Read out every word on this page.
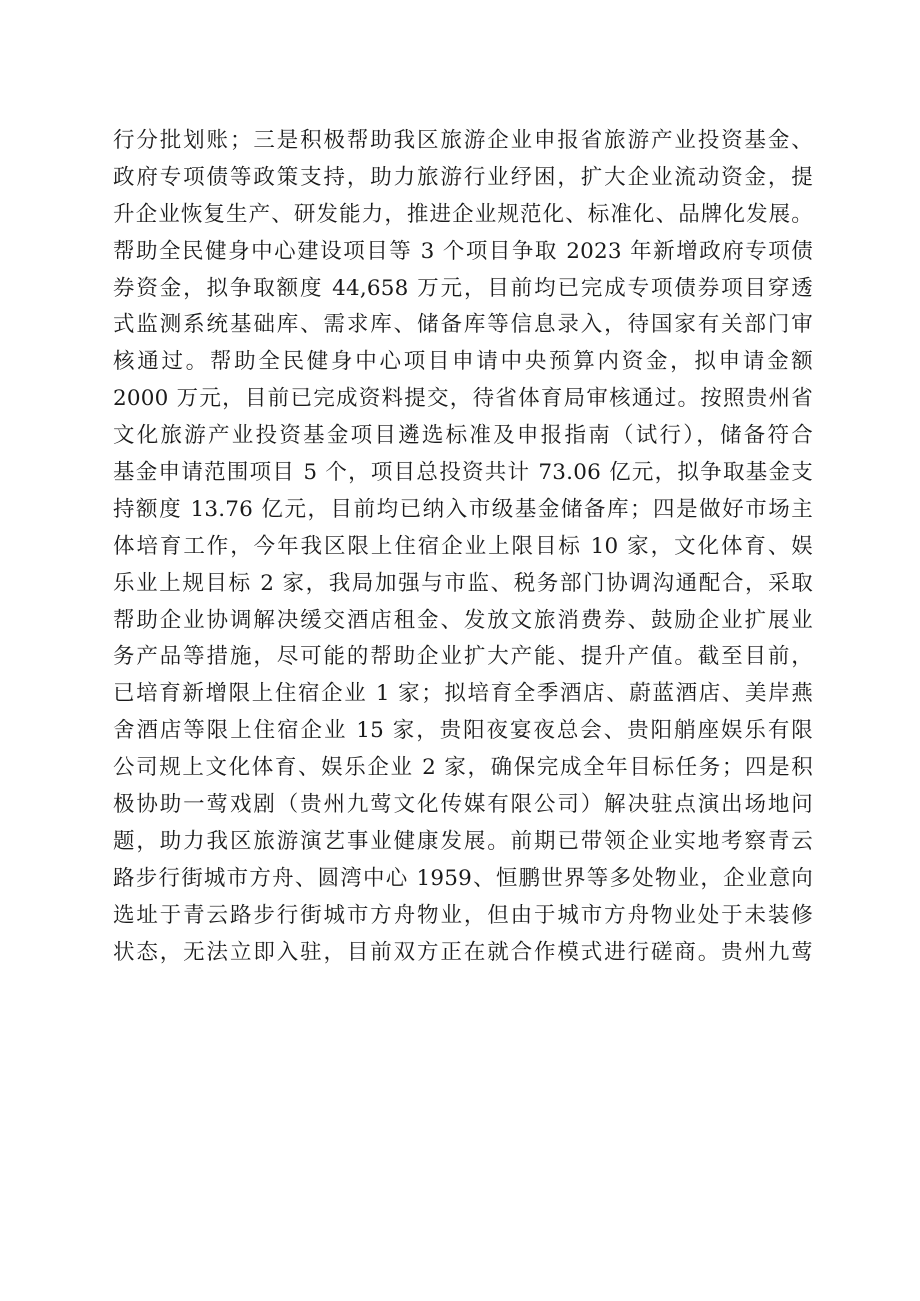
行分批划账；三是积极帮助我区旅游企业申报省旅游产业投资基金、
政府专项债等政策支持，助力旅游行业纾困，扩大企业流动资金，提
升企业恢复生产、研发能力，推进企业规范化、标准化、品牌化发展。
帮助全民健身中心建设项目等 3 个项目争取 2023 年新增政府专项债
券资金，拟争取额度 44,658 万元，目前均已完成专项债券项目穿透
式监测系统基础库、需求库、储备库等信息录入，待国家有关部门审
核通过。帮助全民健身中心项目申请中央预算内资金，拟申请金额
2000 万元，目前已完成资料提交，待省体育局审核通过。按照贵州省
文化旅游产业投资基金项目遴选标准及申报指南（试行），储备符合
基金申请范围项目 5 个，项目总投资共计 73.06 亿元，拟争取基金支
持额度 13.76 亿元，目前均已纳入市级基金储备库；四是做好市场主
体培育工作，今年我区限上住宿企业上限目标 10 家，文化体育、娱
乐业上规目标 2 家，我局加强与市监、税务部门协调沟通配合，采取
帮助企业协调解决缓交酒店租金、发放文旅消费券、鼓励企业扩展业
务产品等措施，尽可能的帮助企业扩大产能、提升产值。截至目前，
已培育新增限上住宿企业 1 家；拟培育全季酒店、蔚蓝酒店、美岸燕
舍酒店等限上住宿企业 15 家，贵阳夜宴夜总会、贵阳艄座娱乐有限
公司规上文化体育、娱乐企业 2 家，确保完成全年目标任务；四是积
极协助一莺戏剧（贵州九莺文化传媒有限公司）解决驻点演出场地问
题，助力我区旅游演艺事业健康发展。前期已带领企业实地考察青云
路步行街城市方舟、圆湾中心 1959、恒鹏世界等多处物业，企业意向
选址于青云路步行街城市方舟物业，但由于城市方舟物业处于未装修
状态，无法立即入驻，目前双方正在就合作模式进行磋商。贵州九莺
